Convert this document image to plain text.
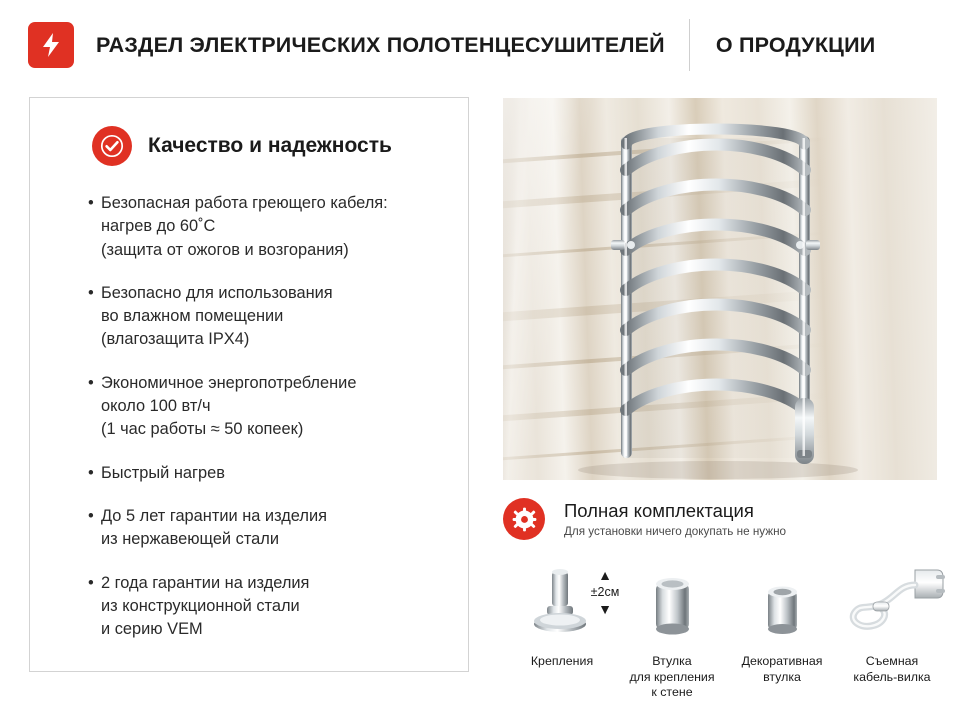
РАЗДЕЛ ЭЛЕКТРИЧЕСКИХ ПОЛОТЕНЦЕСУШИТЕЛЕЙ О ПРОДУКЦИИ
Качество и надежность
• Безопасная работа греющего кабеля:
нагрев до 60˚С
(защита от ожогов и возгорания)
• Безопасно для использования
во влажном помещении
(влагозащита IPX4)
• Экономичное энергопотребление
около 100 вт/ч
(1 час работы ≈ 50 копеек)
• Быстрый нагрев
• До 5 лет гарантии на изделия
из нержавеющей стали
• 2 года гарантии на изделия
из конструкционной стали
и серию VEM
Полная комплектация
Для установки ничего докупать не нужно
▲
±2см
▼
Крепления	Втулка
для крепления
к стене
Декоративная
втулка
Съемная
кабель-вилка
